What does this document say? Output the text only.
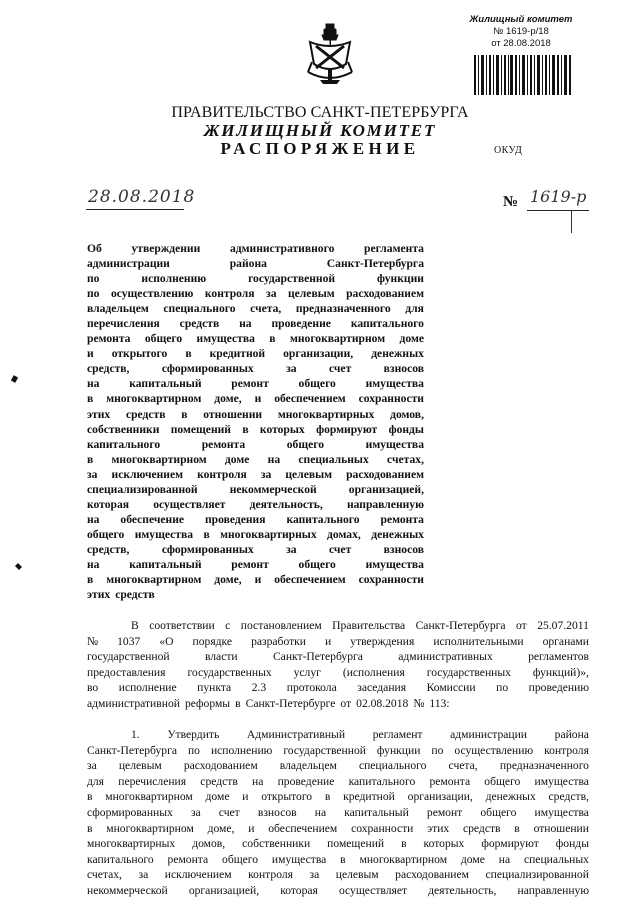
Жилищный комитет
№ 1619-р/18
от 28.08.2018
ПРАВИТЕЛЬСТВО САНКТ-ПЕТЕРБУРГА
ЖИЛИЩНЫЙ КОМИТЕТ
РАСПОРЯЖЕНИЕ	ОКУД
28.08.2018	№ 1619-р
Об	утверждении	административного	регламента
администрации	района	Санкт-Петербурга
по	исполнению	государственной	функции
по осуществлению контроля за целевым расходованием
владельцем специального счета, предназначенного для
перечисления средств на проведение капитального
ремонта общего имущества в многоквартирном доме
и открытого в кредитной организации, денежных
средств,	сформированных	за	счет	взносов
на	капитальный	ремонт	общего	имущества
в многоквартирном доме, и обеспечением сохранности
этих средств в отношении многоквартирных домов,
собственники помещений в которых формируют фонды
капитального	ремонта	общего	имущества
в многоквартирном доме на специальных счетах,
за исключением контроля за целевым расходованием
специализированной	некоммерческой	организацией,
которая осуществляет деятельность, направленную
на обеспечение проведения капитального ремонта
общего имущества в многоквартирных домах, денежных
средств,	сформированных	за	счет	взносов
на	капитальный	ремонт	общего	имущества
в многоквартирном доме, и обеспечением сохранности
этих средств
В соответствии с постановлением Правительства Санкт-Петербурга от 25.07.2011
№ 1037 «О порядке разработки и утверждения исполнительными органами
государственной	власти	Санкт-Петербурга	административных	регламентов
предоставления государственных услуг (исполнения государственных функций)»,
во исполнение пункта 2.3 протокола заседания Комиссии по проведению
административной реформы в Санкт-Петербурге от 02.08.2018 № 113:
1. Утвердить Административный регламент администрации района
Санкт-Петербурга по исполнению государственной функции по осуществлению контроля
за целевым расходованием владельцем специального счета, предназначенного
для перечисления средств на проведение капитального ремонта общего имущества
в многоквартирном доме и открытого в кредитной организации, денежных средств,
сформированных за счет взносов на капитальный ремонт общего имущества
в многоквартирном доме, и обеспечением сохранности этих средств в отношении
многоквартирных домов, собственники помещений в которых формируют фонды
капитального ремонта общего имущества в многоквартирном доме на специальных
счетах, за исключением контроля за целевым расходованием специализированной
некоммерческой организацией, которая осуществляет деятельность, направленную
